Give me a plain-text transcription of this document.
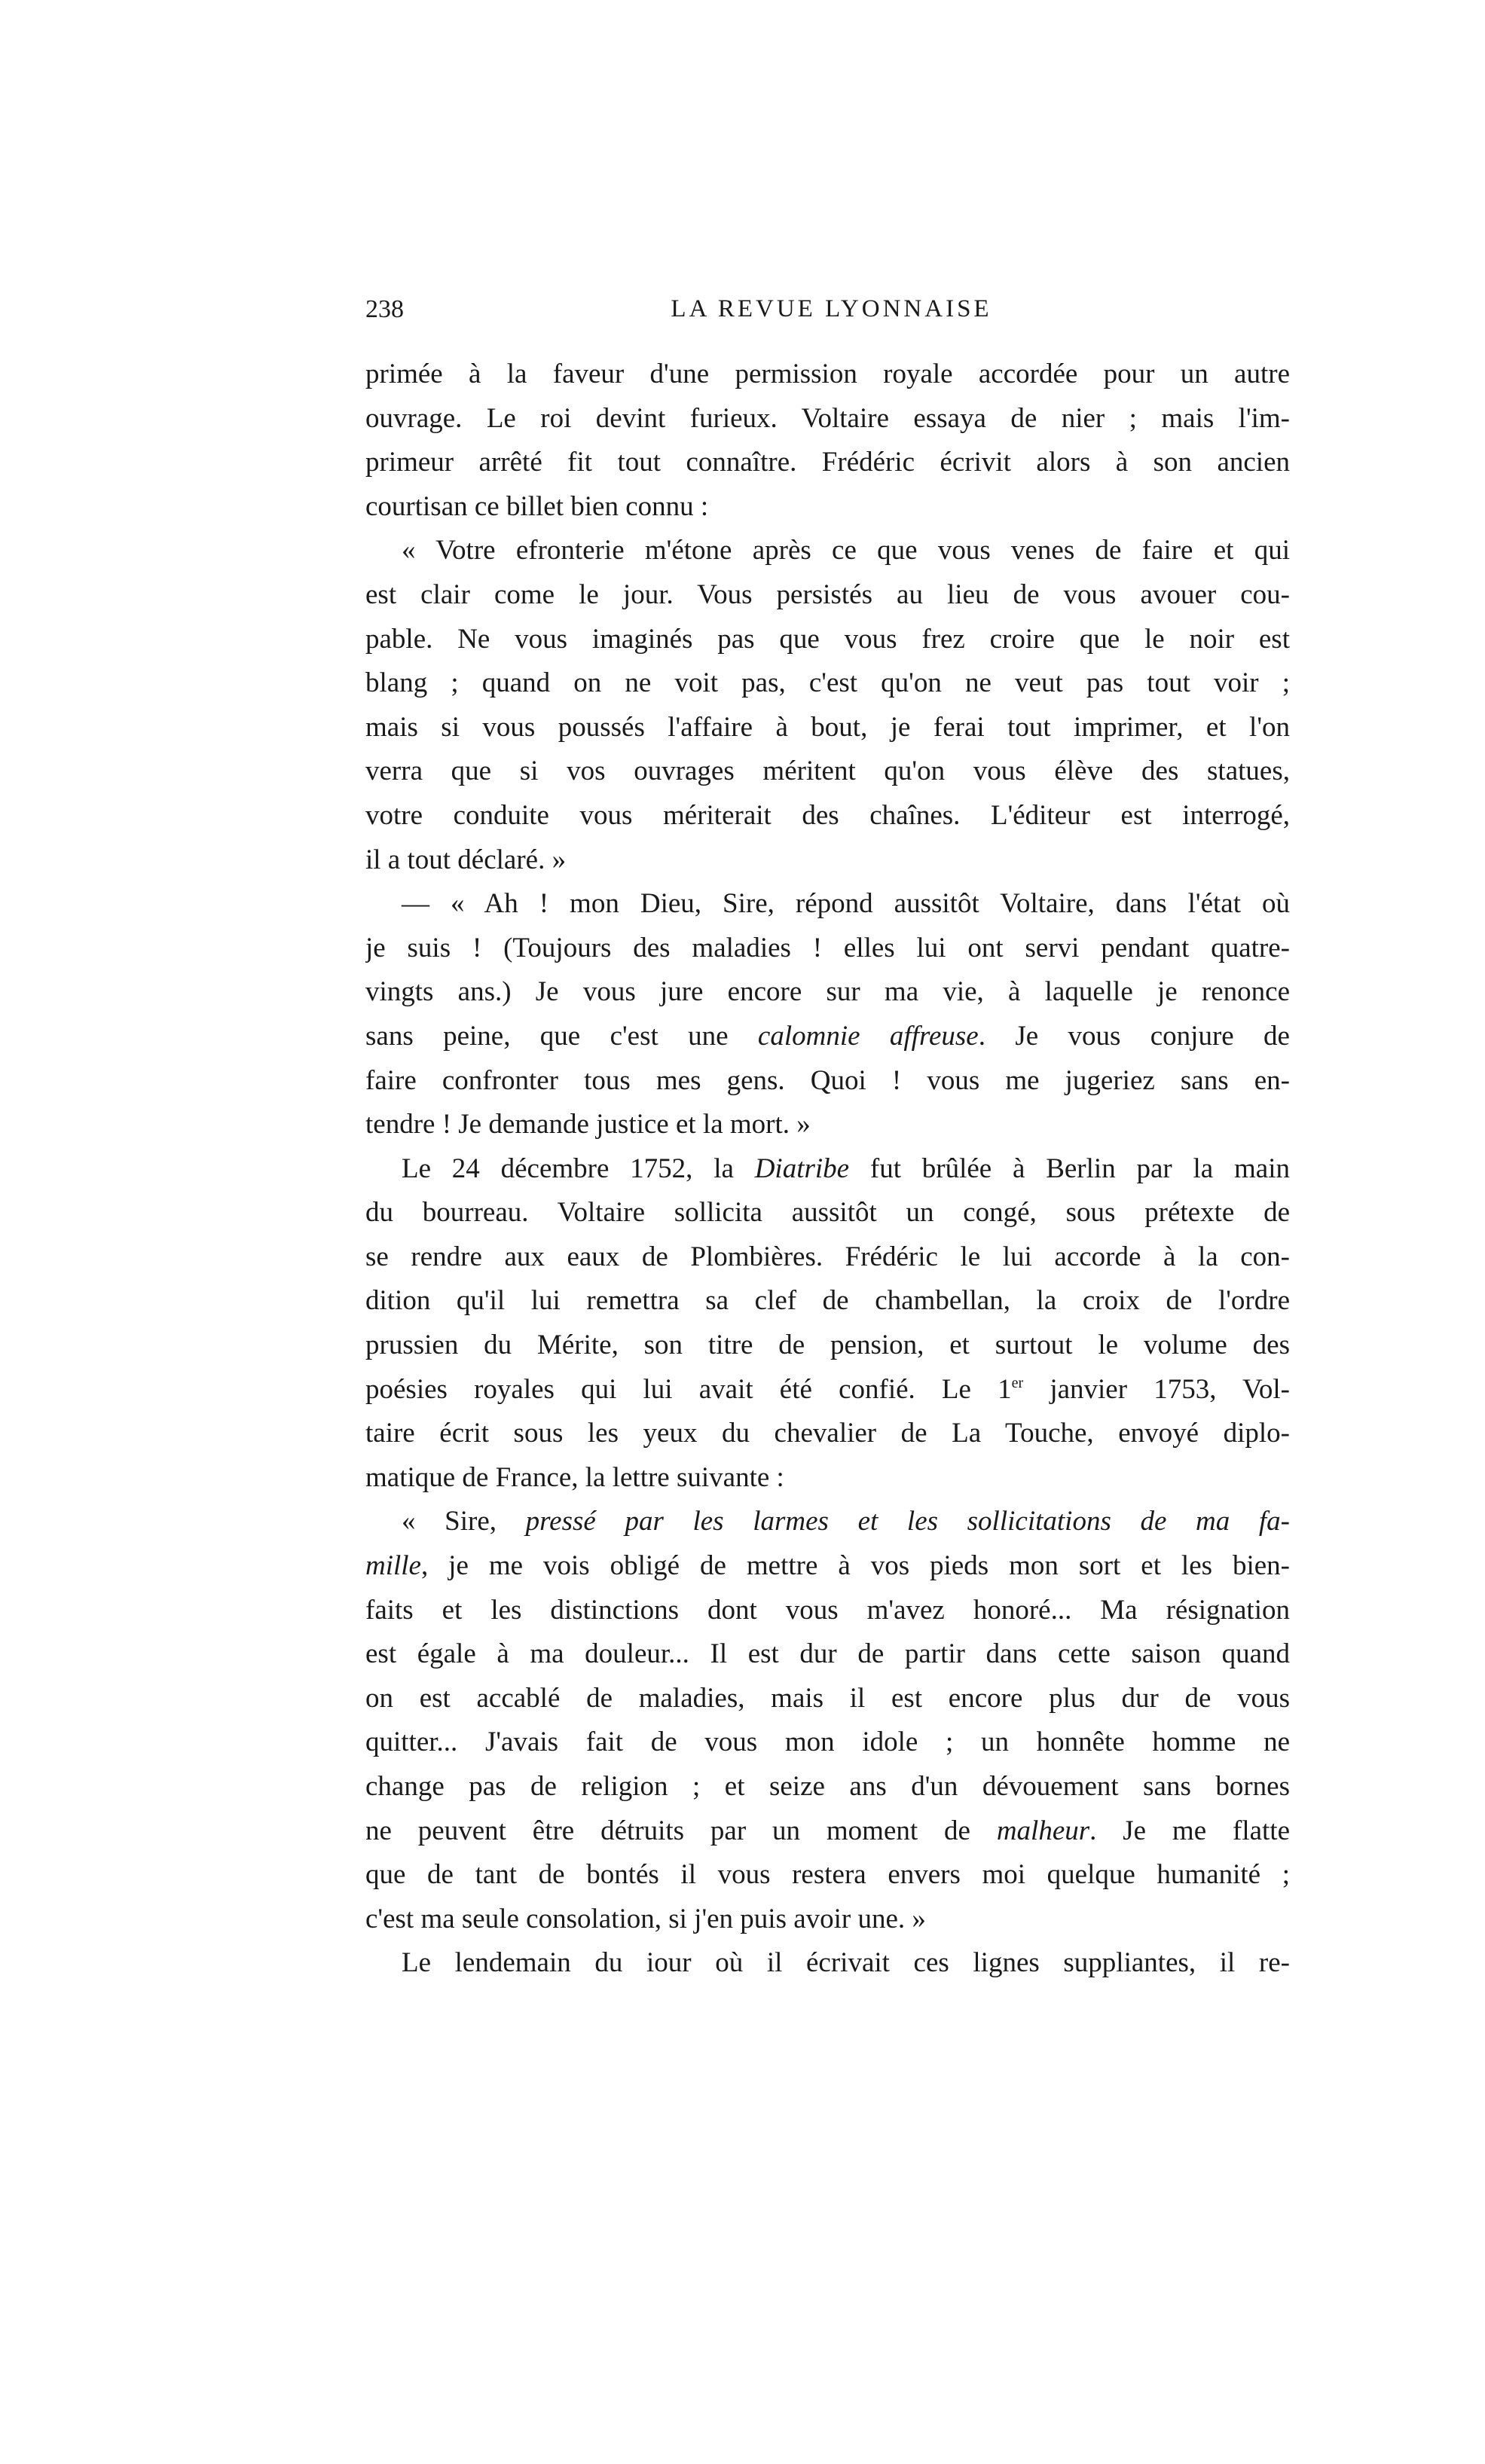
238	LA REVUE LYONNAISE
primée à la faveur d'une permission royale accordée pour un autre
ouvrage. Le roi devint furieux. Voltaire essaya de nier ; mais l'im-
primeur arrêté fit tout connaître. Frédéric écrivit alors à son ancien
courtisan ce billet bien connu :
« Votre efronterie m'étone après ce que vous venes de faire et qui
est clair come le jour. Vous persistés au lieu de vous avouer cou-
pable. Ne vous imaginés pas que vous frez croire que le noir est
blang ; quand on ne voit pas, c'est qu'on ne veut pas tout voir ;
mais si vous poussés l'affaire à bout, je ferai tout imprimer, et l'on
verra que si vos ouvrages méritent qu'on vous élève des statues,
votre conduite vous mériterait des chaînes. L'éditeur est interrogé,
il a tout déclaré. »
— « Ah ! mon Dieu, Sire, répond aussitôt Voltaire, dans l'état où
je suis ! (Toujours des maladies ! elles lui ont servi pendant quatre-
vingts ans.) Je vous jure encore sur ma vie, à laquelle je renonce
sans peine, que c'est une calomnie affreuse. Je vous conjure de
faire confronter tous mes gens. Quoi ! vous me jugeriez sans en-
tendre ! Je demande justice et la mort. »
Le 24 décembre 1752, la Diatribe fut brûlée à Berlin par la main
du bourreau. Voltaire sollicita aussitôt un congé, sous prétexte de
se rendre aux eaux de Plombières. Frédéric le lui accorde à la con-
dition qu'il lui remettra sa clef de chambellan, la croix de l'ordre
prussien du Mérite, son titre de pension, et surtout le volume des
poésies royales qui lui avait été confié. Le 1er janvier 1753, Vol-
taire écrit sous les yeux du chevalier de La Touche, envoyé diplo-
matique de France, la lettre suivante :
« Sire, pressé par les larmes et les sollicitations de ma fa-
mille, je me vois obligé de mettre à vos pieds mon sort et les bien-
faits et les distinctions dont vous m'avez honoré... Ma résignation
est égale à ma douleur... Il est dur de partir dans cette saison quand
on est accablé de maladies, mais il est encore plus dur de vous
quitter... J'avais fait de vous mon idole ; un honnête homme ne
change pas de religion ; et seize ans d'un dévouement sans bornes
ne peuvent être détruits par un moment de malheur. Je me flatte
que de tant de bontés il vous restera envers moi quelque humanité ;
c'est ma seule consolation, si j'en puis avoir une. »
Le lendemain du iour où il écrivait ces lignes suppliantes, il re-
